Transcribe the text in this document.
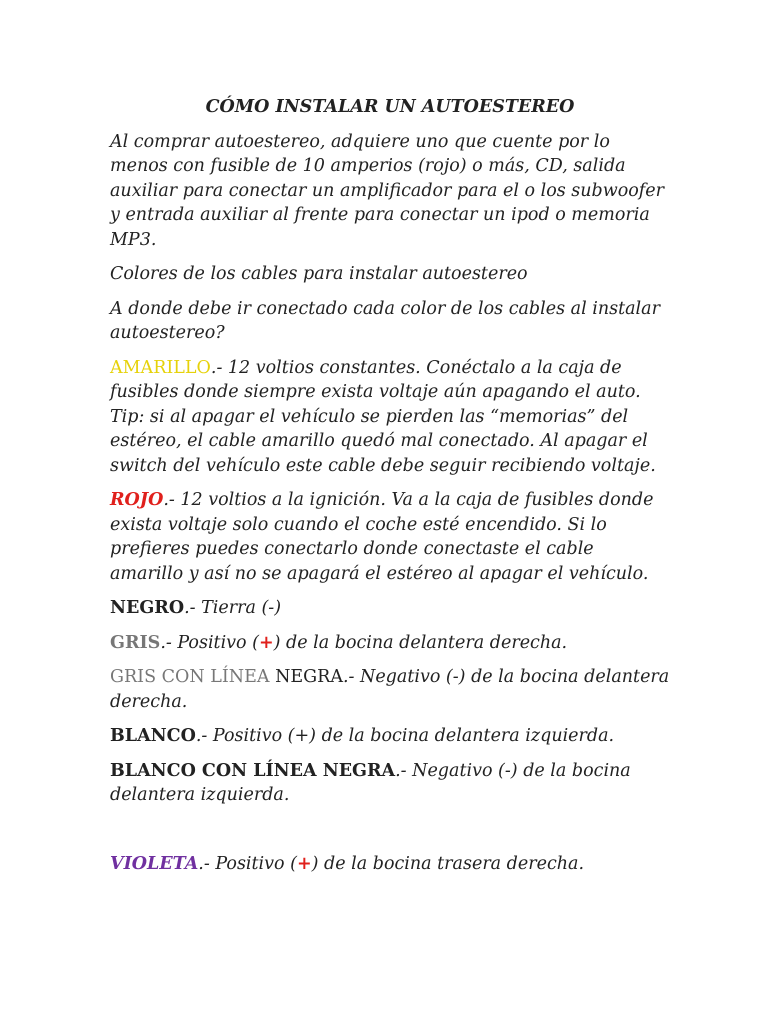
CÓMO INSTALAR UN AUTOESTEREO

Al comprar autoestereo, adquiere uno que cuente por lo menos con fusible de 10 amperios (rojo) o más, CD, salida auxiliar para conectar un amplificador para el o los subwoofer y entrada auxiliar al frente para conectar un ipod o memoria MP3.

Colores de los cables para instalar autoestereo

A donde debe ir conectado cada color de los cables al instalar autoestereo?

AMARILLO.- 12 voltios constantes. Conéctalo a la caja de fusibles donde siempre exista voltaje aún apagando el auto. Tip: si al apagar el vehículo se pierden las “memorias” del estéreo, el cable amarillo quedó mal conectado. Al apagar el switch del vehículo este cable debe seguir recibiendo voltaje.

ROJO.- 12 voltios a la ignición. Va a la caja de fusibles donde exista voltaje solo cuando el coche esté encendido. Si lo prefieres puedes conectarlo donde conectaste el cable amarillo y así no se apagará el estéreo al apagar el vehículo.

NEGRO.- Tierra (-)

GRIS.- Positivo (+) de la bocina delantera derecha.

GRIS CON LÍNEA NEGRA.- Negativo (-) de la bocina delantera derecha.

BLANCO.- Positivo (+) de la bocina delantera izquierda.

BLANCO CON LÍNEA NEGRA.- Negativo (-) de la bocina delantera izquierda.

VIOLETA.- Positivo (+) de la bocina trasera derecha.
